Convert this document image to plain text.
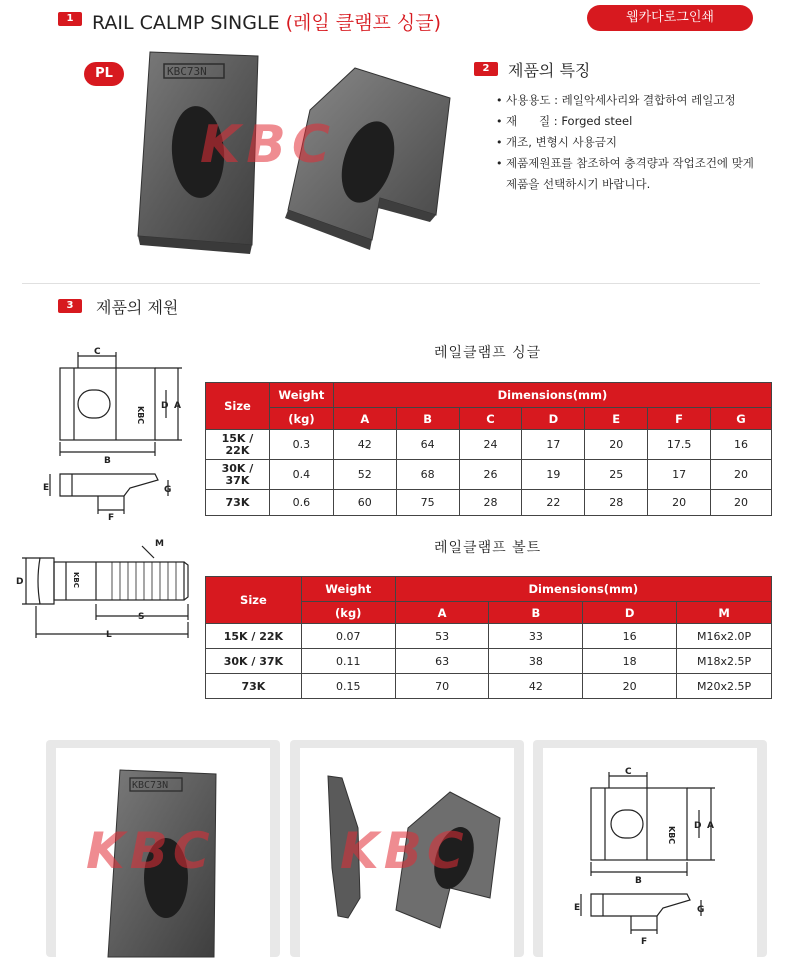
1 RAIL CALMP SINGLE (레일 클램프 싱글)	웹카다로그인쇄
PL	KBC73N
KBC
2	제품의 특징
• 사용용도 : 레일악세사리와 결합하여 레일고정
• 재      질 : Forged steel
• 개조, 변형시 사용금지
• 제품제원표를 참조하여 충격량과 작업조건에 맞게
제품을 선택하시기 바랍니다.
3	제품의 제원
C
D A
B
E	G
F
KBC
레일클램프 싱글
Size	Weight	Dimensions(mm)						
	(kg)	A	B	C	D	E	F	G
15K / 22K	0.3	42	64	24	17	20	17.5	16
30K / 37K	0.4	52	68	26	19	25	17	20
73K	0.6	60	75	28	22	28	20	20
M
D
S
L
KBC
레일클램프 볼트
Size	Weight	Dimensions(mm)			
	(kg)	A	B	D	M
15K / 22K	0.07	53	33	16	M16x2.0P
30K / 37K	0.11	63	38	18	M18x2.5P
73K	0.15	70	42	20	M20x2.5P
KBC73N
KBC	KBC
C
D A
B
E	G
F
KBC
